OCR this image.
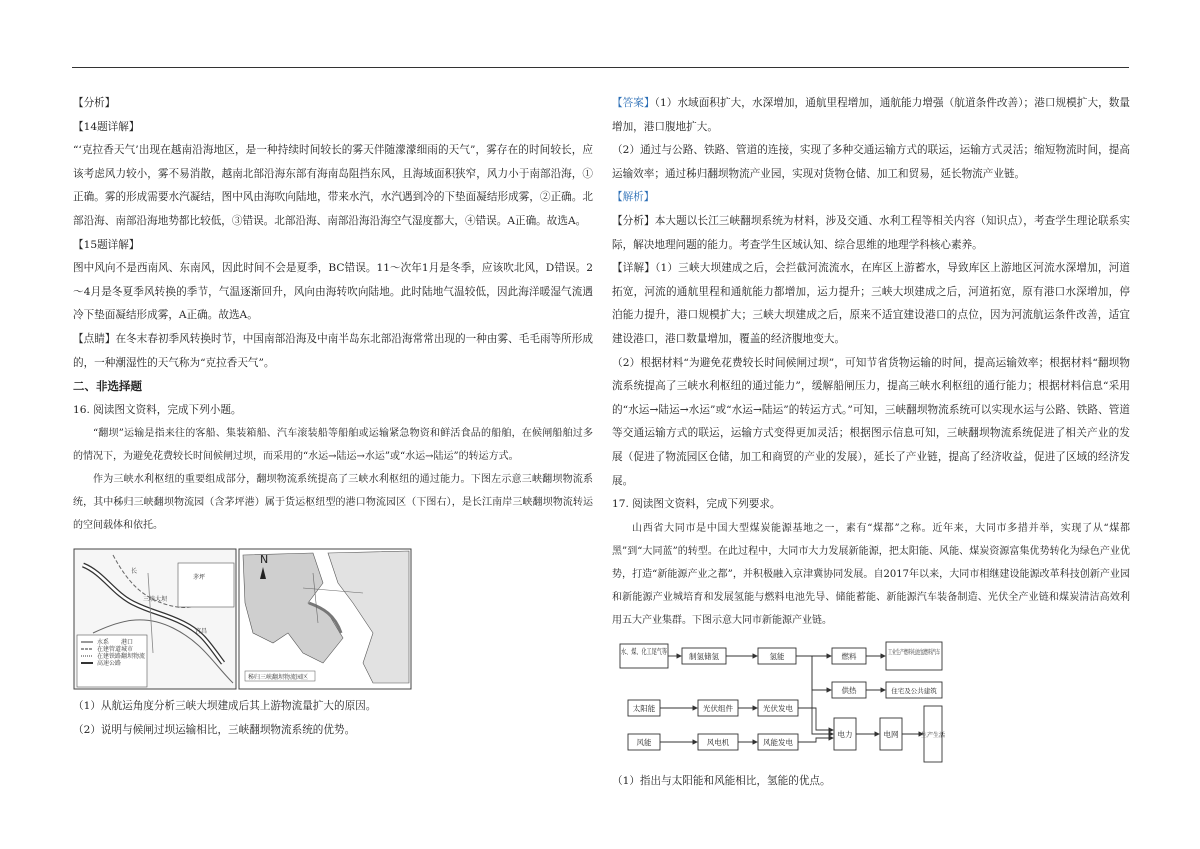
【分析】

【14题详解】

“‘克拉香天气’出现在越南沿海地区，是一种持续时间较长的雾天伴随濛濛细雨的天气”，雾存在的时间较长，应该考虑风力较小，雾不易消散，越南北部沿海东部有海南岛阻挡东风，且海域面积狭窄，风力小于南部沿海，①正确。雾的形成需要水汽凝结，图中风由海吹向陆地，带来水汽，水汽遇到冷的下垫面凝结形成雾，②正确。北部沿海、南部沿海地势都比较低，③错误。北部沿海、南部沿海沿海空气湿度都大，④错误。A正确。故选A。

【15题详解】

图中风向不是西南风、东南风，因此时间不会是夏季，BC错误。11～次年1月是冬季，应该吹北风，D错误。2～4月是冬夏季风转换的季节，气温逐渐回升，风向由海转吹向陆地。此时陆地气温较低，因此海洋暖湿气流遇冷下垫面凝结形成雾，A正确。故选A。

【点睛】在冬末春初季风转换时节，中国南部沿海及中南半岛东北部沿海常常出现的一种由雾、毛毛雨等所形成的，一种潮湿性的天气称为“克拉香天气”。

二、非选择题

16. 阅读图文资料，完成下列小题。

“翻坝”运输是指来往的客船、集装箱船、汽车滚装船等船舶或运输紧急物资和鲜活食品的船舶，在候闸船舶过多的情况下，为避免花费较长时间候闸过坝，而采用的“水运→陆运→水运”或“水运→陆运”的转运方式。

作为三峡水利枢纽的重要组成部分，翻坝物流系统提高了三峡水利枢纽的通过能力。下图左示意三峡翻坝物流系统，其中秭归三峡翻坝物流园（含茅坪港）属于货运枢纽型的港口物流园区（下图右），是长江南岸三峡翻坝物流转运的空间载体和依托。

水系
在建管道
在建铁路
高速公路
港口
城市
翻坝物流
长
三峡大坝
茅坪
宜昌
N
秭归三峡翻坝物流园区

（1）从航运角度分析三峡大坝建成后其上游物流量扩大的原因。

（2）说明与候闸过坝运输相比，三峡翻坝物流系统的优势。

【答案】（1）水域面积扩大，水深增加，通航里程增加，通航能力增强（航道条件改善）；港口规模扩大，数量增加，港口腹地扩大。

（2）通过与公路、铁路、管道的连接，实现了多种交通运输方式的联运，运输方式灵活；缩短物流时间，提高运输效率；通过秭归翻坝物流产业园，实现对货物仓储、加工和贸易，延长物流产业链。

【解析】

【分析】本大题以长江三峡翻坝系统为材料，涉及交通、水利工程等相关内容（知识点），考查学生理论联系实际，解决地理问题的能力。考查学生区域认知、综合思维的地理学科核心素养。

【详解】（1）三峡大坝建成之后，会拦截河流流水，在库区上游蓄水，导致库区上游地区河流水深增加，河道拓宽，河流的通航里程和通航能力都增加，运力提升；三峡大坝建成之后，河道拓宽，原有港口水深增加，停泊能力提升，港口规模扩大；三峡大坝建成之后，原来不适宜建设港口的点位，因为河流航运条件改善，适宜建设港口，港口数量增加，覆盖的经济腹地变大。

（2）根据材料“为避免花费较长时间候闸过坝”，可知节省货物运输的时间，提高运输效率；根据材料“翻坝物流系统提高了三峡水利枢纽的通过能力”，缓解船闸压力，提高三峡水利枢纽的通行能力；根据材料信息“采用的“水运→陆运→水运”或“水运→陆运”的转运方式。”可知，三峡翻坝物流系统可以实现水运与公路、铁路、管道等交通运输方式的联运，运输方式变得更加灵活；根据图示信息可知，三峡翻坝物流系统促进了相关产业的发展（促进了物流园区仓储，加工和商贸的产业的发展），延长了产业链，提高了经济收益，促进了区域的经济发展。

17. 阅读图文资料，完成下列要求。

山西省大同市是中国大型煤炭能源基地之一，素有“煤都”之称。近年来，大同市多措并举，实现了从“煤都黑”到“大同蓝”的转型。在此过程中，大同市大力发展新能源，把太阳能、风能、煤炭资源富集优势转化为绿色产业优势，打造“新能源产业之都”，并积极融入京津冀协同发展。自2017年以来，大同市相继建设能源改革科技创新产业园和新能源产业城培育和发展氢能与燃料电池先导、储能蓄能、新能源汽车装备制造、光伏全产业链和煤炭清洁高效利用五大产业集群。下图示意大同市新能源产业链。

水、煤、化工尾气等
制氢储氢	氢能	燃料	工业生产燃料电池氢燃料汽车
供热	住宅及公共建筑
太阳能	光伏组件	光伏发电
电力	电网	生产生活
风能	风电机	风能发电

（1）指出与太阳能和风能相比，氢能的优点。
